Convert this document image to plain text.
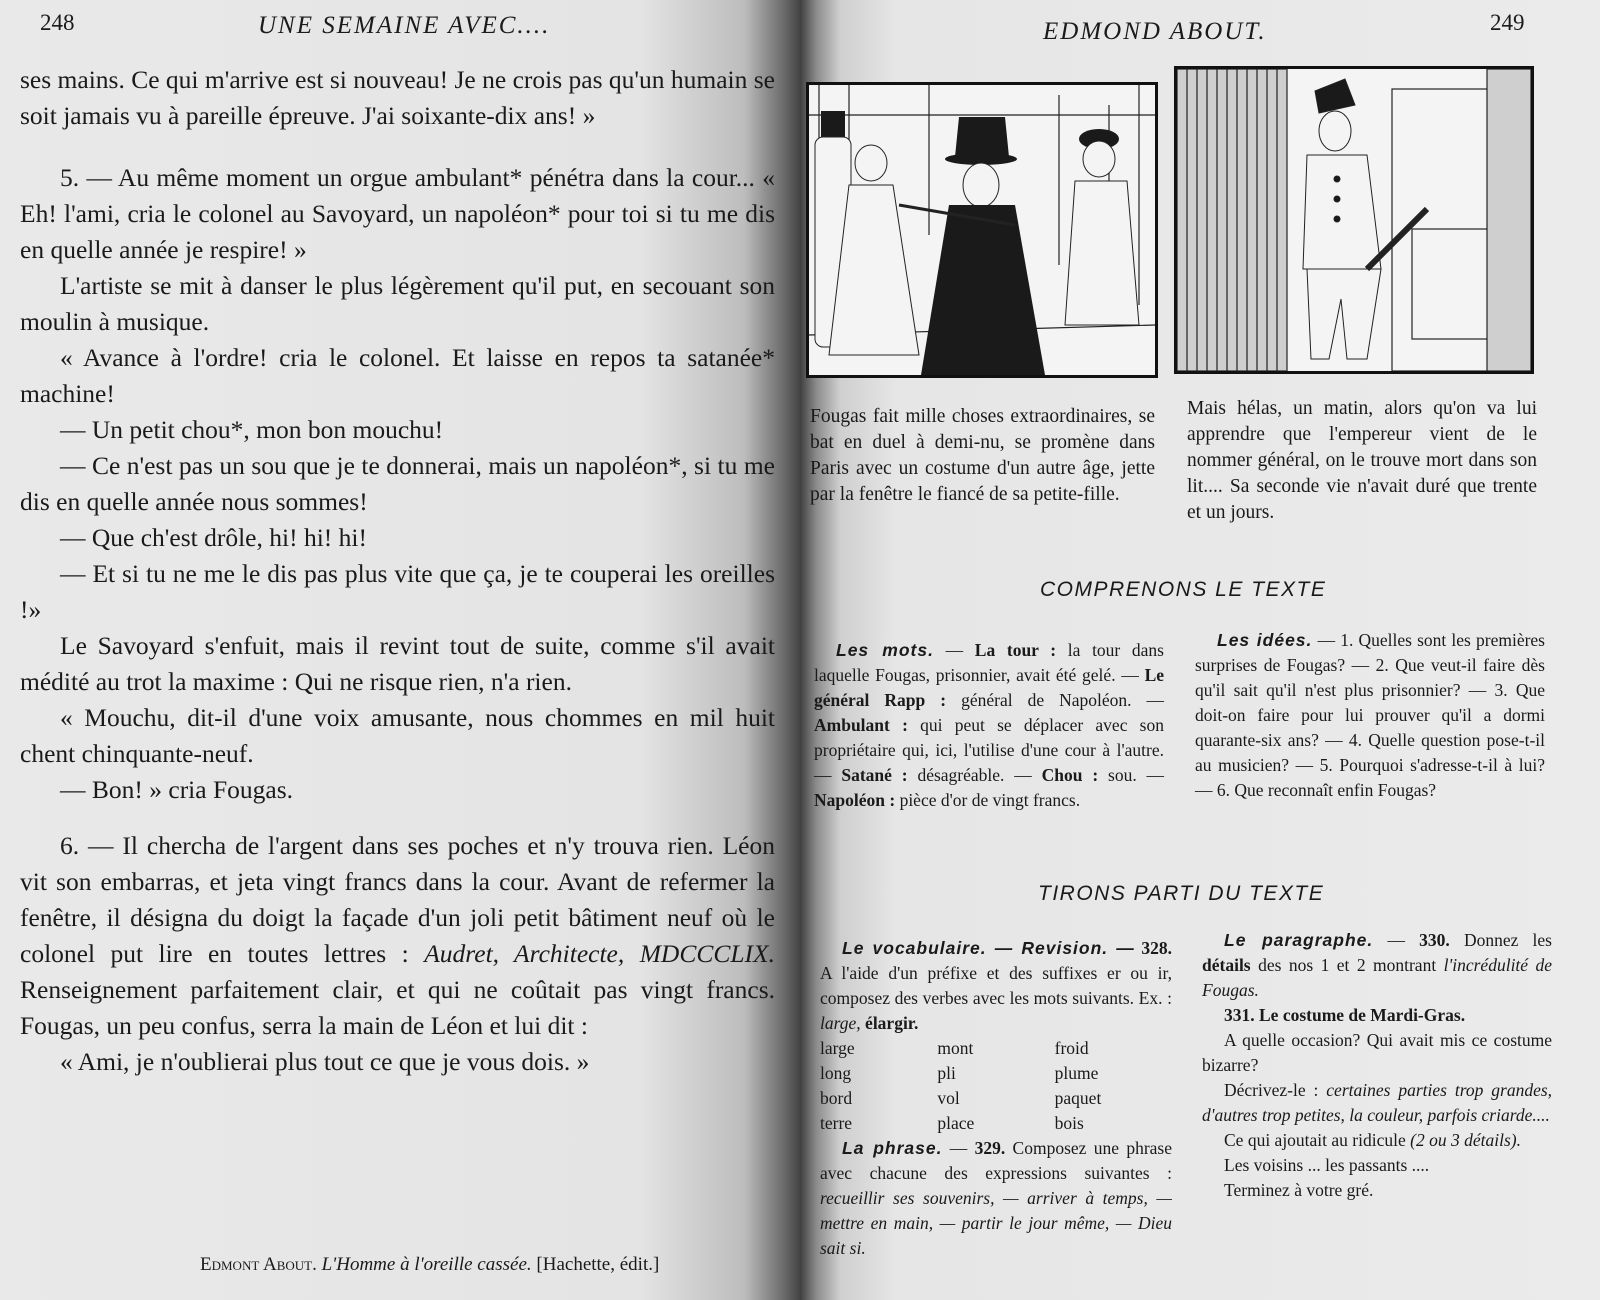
248	UNE SEMAINE AVEC....

ses mains. Ce qui m'arrive est si nouveau! Je ne crois pas qu'un humain se soit jamais vu à pareille épreuve. J'ai soixante-dix ans! »

5. — Au même moment un orgue ambulant* pénétra dans la cour... « Eh! l'ami, cria le colonel au Savoyard, un napoléon* pour toi si tu me dis en quelle année je respire! »

L'artiste se mit à danser le plus légèrement qu'il put, en secouant son moulin à musique.

« Avance à l'ordre! cria le colonel. Et laisse en repos ta satanée* machine!

— Un petit chou*, mon bon mouchu!

— Ce n'est pas un sou que je te donnerai, mais un napoléon*, si tu me dis en quelle année nous sommes!

— Que ch'est drôle, hi! hi! hi!

— Et si tu ne me le dis pas plus vite que ça, je te couperai les oreilles !»

Le Savoyard s'enfuit, mais il revint tout de suite, comme s'il avait médité au trot la maxime : Qui ne risque rien, n'a rien.

« Mouchu, dit-il d'une voix amusante, nous chommes en mil huit chent chinquante-neuf.

— Bon! » cria Fougas.

6. — Il chercha de l'argent dans ses poches et n'y trouva rien. Léon vit son embarras, et jeta vingt francs dans la cour. Avant de refermer la fenêtre, il désigna du doigt la façade d'un joli petit bâtiment neuf où le colonel put lire en toutes lettres : Audret, Architecte, MDCCCLIX. Renseignement parfaitement clair, et qui ne coûtait pas vingt francs. Fougas, un peu confus, serra la main de Léon et lui dit :

« Ami, je n'oublierai plus tout ce que je vous dois. »

Edmont About. L'Homme à l'oreille cassée. [Hachette, édit.]
EDMOND ABOUT.	249
Fougas fait mille choses extraordinaires, se bat en duel à demi-nu, se promène dans Paris avec un costume d'un autre âge, jette par la fenêtre le fiancé de sa petite-fille.
Mais hélas, un matin, alors qu'on va lui apprendre que l'empereur vient de le nommer général, on le trouve mort dans son lit.... Sa seconde vie n'avait duré que trente et un jours.
COMPRENONS LE TEXTE

Les mots. — La tour : la tour dans laquelle Fougas, prisonnier, avait été gelé. — Le général Rapp : général de Napoléon. — Ambulant : qui peut se déplacer avec son propriétaire qui, ici, l'utilise d'une cour à l'autre. — Satané : désagréable. — Chou : sou. — Napoléon : pièce d'or de vingt francs.

Les idées. — 1. Quelles sont les premières surprises de Fougas? — 2. Que veut-il faire dès qu'il sait qu'il n'est plus prisonnier? — 3. Que doit-on faire pour lui prouver qu'il a dormi quarante-six ans? — 4. Quelle question pose-t-il au musicien? — 5. Pourquoi s'adresse-t-il à lui? — 6. Que reconnaît enfin Fougas?

TIRONS PARTI DU TEXTE

Le vocabulaire. — Revision. — 328. A l'aide d'un préfixe et des suffixes er ou ir, composez des verbes avec les mots suivants. Ex. : large, élargir.

large	mont	froid
long	pli	plume
bord	vol	paquet
terre	place	bois

La phrase. — 329. Composez une phrase avec chacune des expressions suivantes : recueillir ses souvenirs, — arriver à temps, — mettre en main, — partir le jour même, — Dieu sait si.

Le paragraphe. — 330. Donnez les détails des nos 1 et 2 montrant l'incrédulité de Fougas.

331. Le costume de Mardi-Gras.

A quelle occasion? Qui avait mis ce costume bizarre?

Décrivez-le : certaines parties trop grandes, d'autres trop petites, la couleur, parfois criarde....

Ce qui ajoutait au ridicule (2 ou 3 détails).

Les voisins ... les passants ....

Terminez à votre gré.
